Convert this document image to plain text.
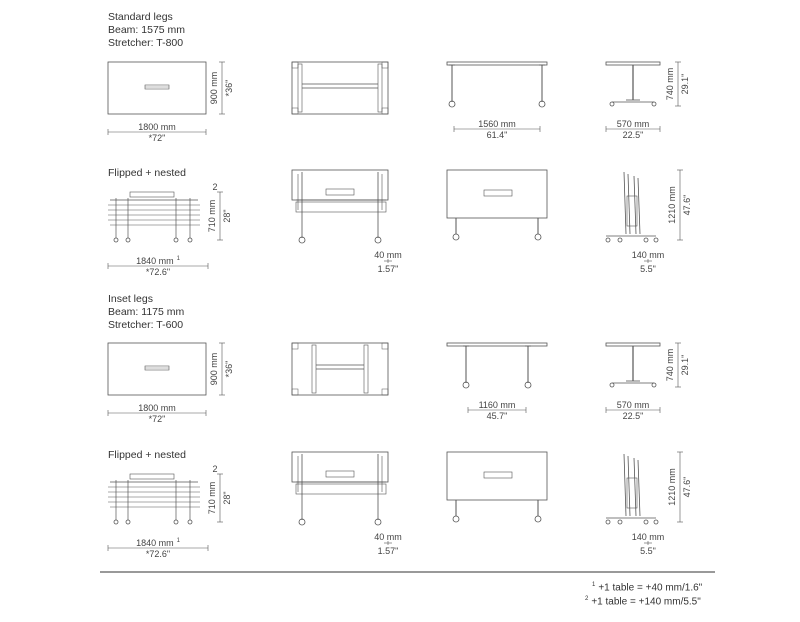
Standard legs
Beam: 1575 mm
Stretcher: T-800
Flipped + nested
Inset legs
Beam: 1175 mm
Stretcher: T-600
Flipped + nested
1800 mm
*72"
900 mm *36"
1560 mm
61.4"
570 mm
22.5"
740 mm 29.1"
1840 mm $^1$
*72.6"
710 mm 28"
2
40 mm
1.57"
140 mm
5.5"
1210 mm 47.6"
1800 mm
*72"
900 mm *36"
1160 mm
45.7"
570 mm
22.5"
740 mm 29.1"
1840 mm $^1$
*72.6"
710 mm 28"
2
40 mm
1.57"
140 mm
5.5"
1210 mm 47.6"
$^1$ +1 table = +40 mm/1.6"
$^2$ +1 table = +140 mm/5.5"
